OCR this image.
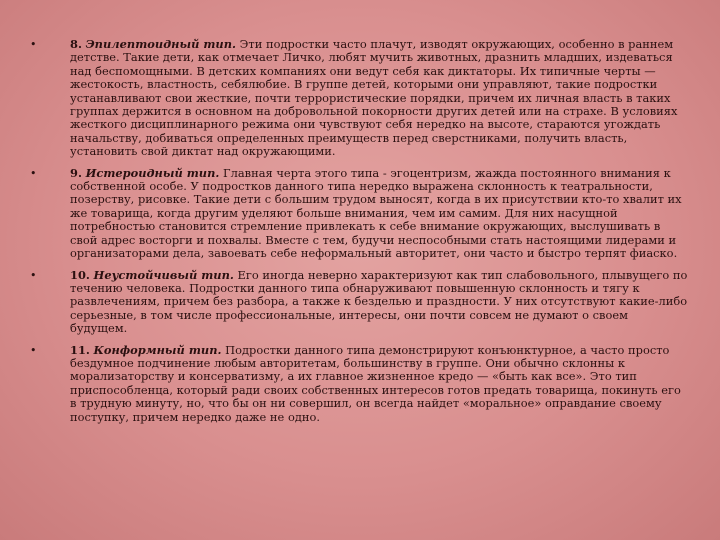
•	8. Эпилептоидный тип. Эти подростки часто плачут, изводят окружающих, особенно в раннем детстве. Такие дети, как отмечает Личко, любят мучить животных, дразнить младших, издеваться над беспомощными. В детских компаниях они ведут себя как диктаторы. Их типичные черты — жестокость, властность, себялюбие. В группе детей, которыми они управляют, такие подростки устанавливают свои жесткие, почти террористические порядки, причем их личная власть в таких группах держится в основном на добровольной покорности других детей или на страхе. В условиях жесткого дисциплинарного режима они чувствуют себя нередко на высоте, стараются угождать начальству, добиваться определенных преимуществ перед сверстниками, получить власть, установить свой диктат над окружающими.
•	9. Истероидный тип. Главная черта этого типа - эгоцентризм, жажда постоянного внимания к собственной особе. У подростков данного типа нередко выражена склонность к театральности, позерству, рисовке. Такие дети с большим трудом выносят, когда в их присутствии кто-то хвалит их же товарища, когда другим уделяют больше внимания, чем им самим. Для них насущной потребностью становится стремление привлекать к себе внимание окружающих, выслушивать в свой адрес восторги и похвалы. Вместе с тем, будучи неспособными стать настоящими лидерами и организаторами дела, завоевать себе неформальный авторитет, они часто и быстро терпят фиаско.
•	10. Неустойчивый тип. Его иногда неверно характеризуют как тип слабовольного, плывущего по течению человека. Подростки данного типа обнаруживают повышенную склонность и тягу к развлечениям, причем без разбора, а также к безделью и праздности. У них отсутствуют какие-либо серьезные, в том числе профессиональные, интересы, они почти совсем не думают о своем будущем.
•	11. Конформный тип. Подростки данного типа демонстрируют конъюнктурное, а часто просто бездумное подчинение любым авторитетам, большинству в группе. Они обычно склонны к морализаторству и консерватизму, а их главное жизненное кредо — «быть как все». Это тип приспособленца, который ради своих собственных интересов готов предать товарища, покинуть его в трудную минуту, но, что бы он ни совершил, он всегда найдет «моральное» оправдание своему поступку, причем нередко даже не одно.
